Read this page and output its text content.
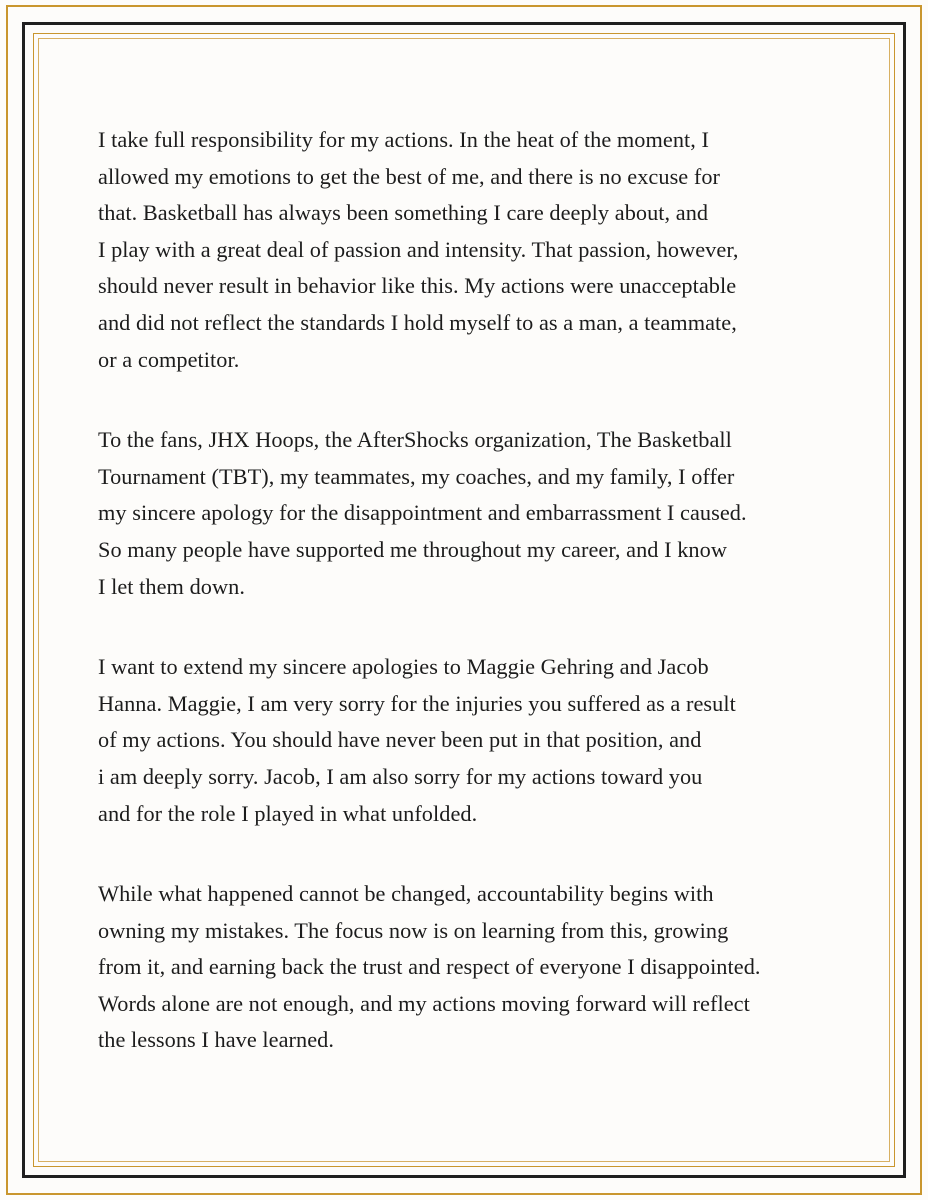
I take full responsibility for my actions. In the heat of the moment, I
allowed my emotions to get the best of me, and there is no excuse for
that. Basketball has always been something I care deeply about, and
I play with a great deal of passion and intensity. That passion, however,
should never result in behavior like this. My actions were unacceptable
and did not reflect the standards I hold myself to as a man, a teammate,
or a competitor.

To the fans, JHX Hoops, the AfterShocks organization, The Basketball
Tournament (TBT), my teammates, my coaches, and my family, I offer
my sincere apology for the disappointment and embarrassment I caused.
So many people have supported me throughout my career, and I know
I let them down.

I want to extend my sincere apologies to Maggie Gehring and Jacob
Hanna. Maggie, I am very sorry for the injuries you suffered as a result
of my actions. You should have never been put in that position, and
i am deeply sorry. Jacob, I am also sorry for my actions toward you
and for the role I played in what unfolded.

While what happened cannot be changed, accountability begins with
owning my mistakes. The focus now is on learning from this, growing
from it, and earning back the trust and respect of everyone I disappointed.
Words alone are not enough, and my actions moving forward will reflect
the lessons I have learned.
